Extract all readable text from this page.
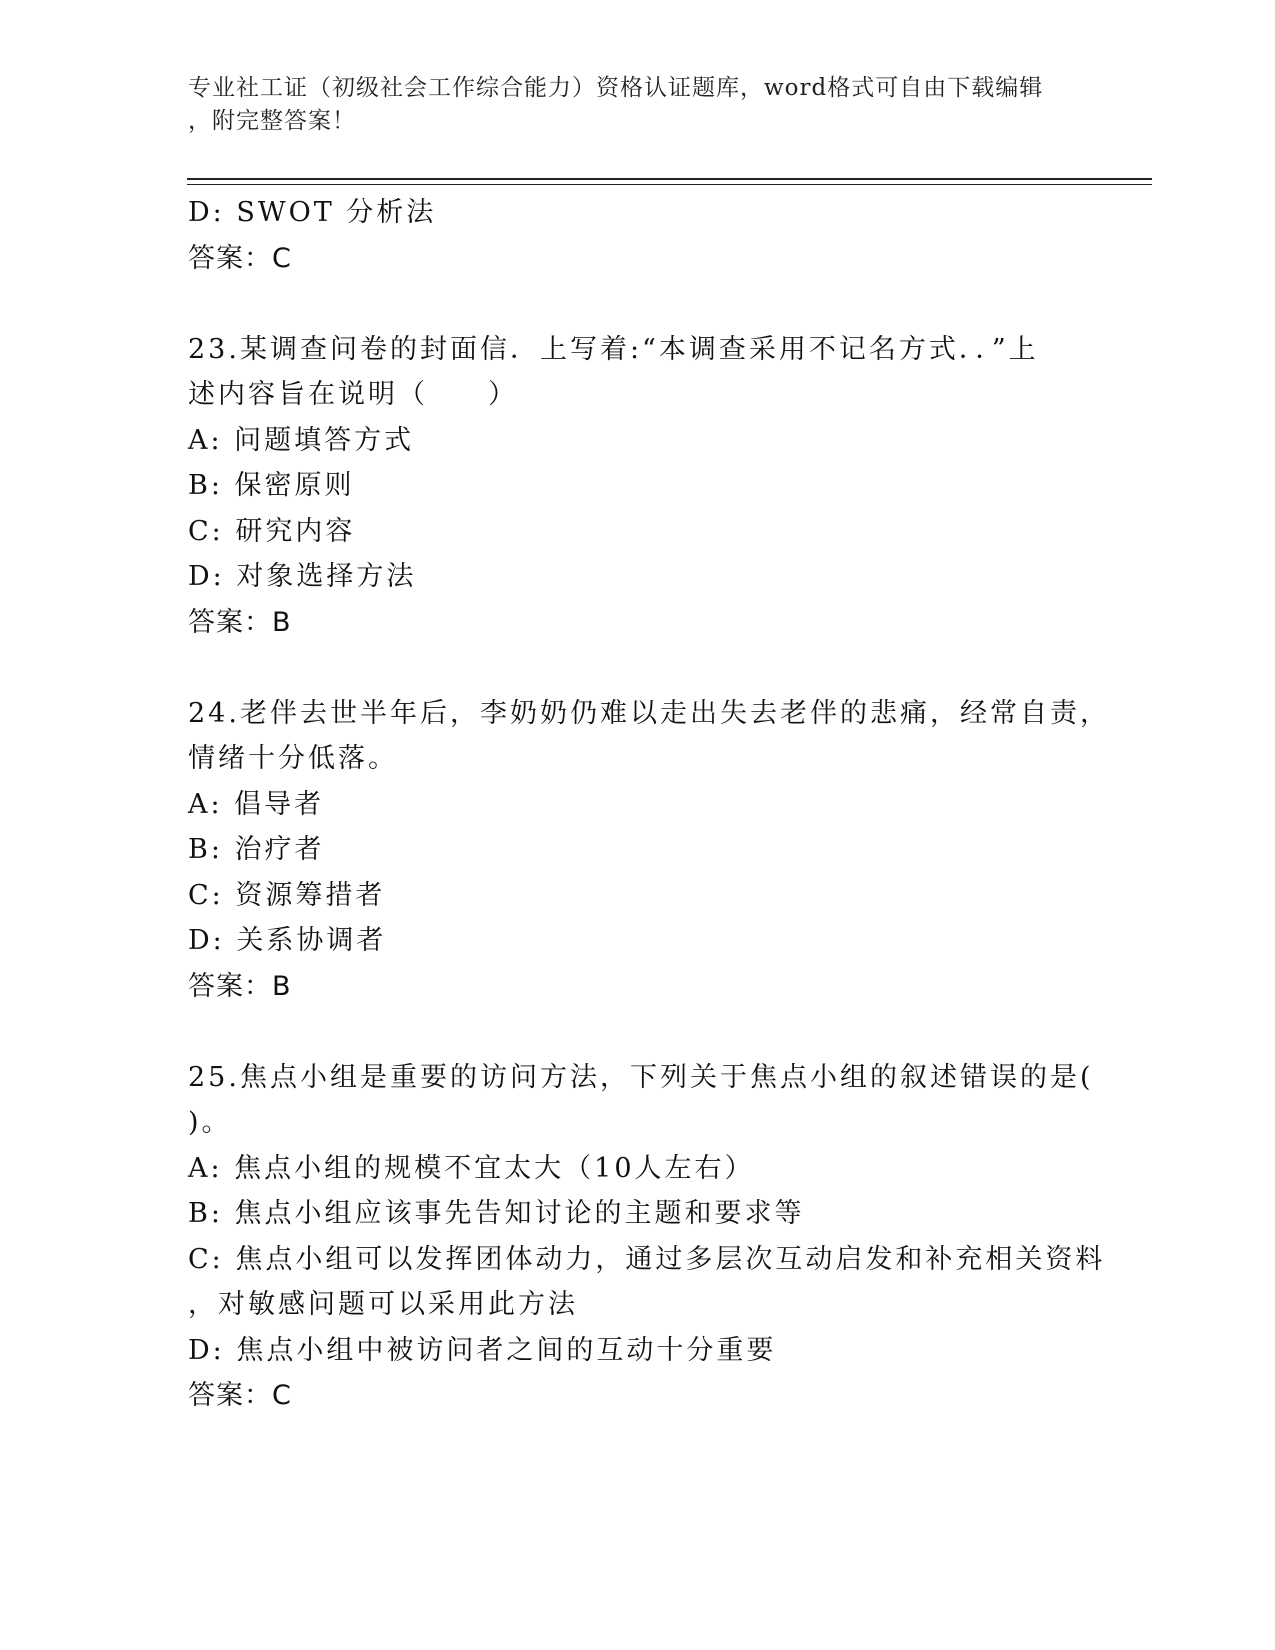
专业社工证（初级社会工作综合能力）资格认证题库，word格式可自由下载编辑
，附完整答案！
D: SWOT 分析法
答案：C
23.某调查问卷的封面信．上写着:“本调查采用不记名方式．．”上
述内容旨在说明（　　）
A: 问题填答方式
B: 保密原则
C: 研究内容
D: 对象选择方法
答案：B
24.老伴去世半年后，李奶奶仍难以走出失去老伴的悲痛，经常自责，
情绪十分低落。
A: 倡导者
B: 治疗者
C: 资源筹措者
D: 关系协调者
答案：B
25.焦点小组是重要的访问方法，下列关于焦点小组的叙述错误的是(
)。
A: 焦点小组的规模不宜太大（10人左右）
B: 焦点小组应该事先告知讨论的主题和要求等
C: 焦点小组可以发挥团体动力，通过多层次互动启发和补充相关资料
，对敏感问题可以采用此方法
D: 焦点小组中被访问者之间的互动十分重要
答案：C
